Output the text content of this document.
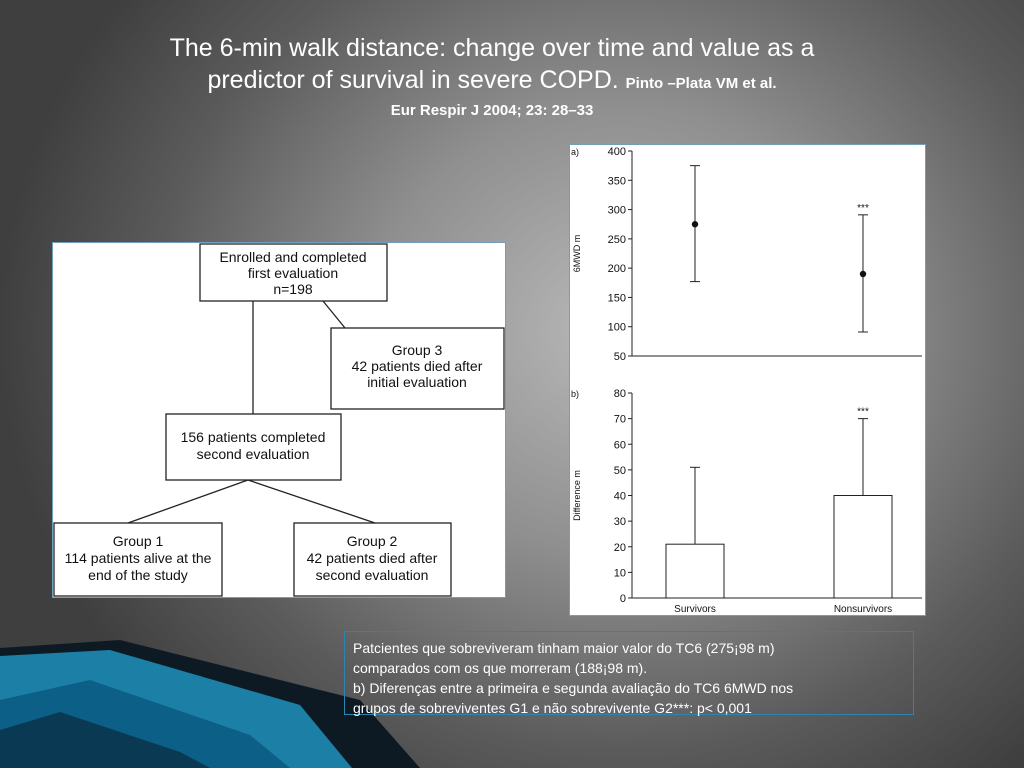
The 6-min walk distance: change over time and value as a
predictor of survival in severe COPD. Pinto –Plata VM et al.
Eur Respir J 2004; 23: 28–33
Enrolled and completed
first evaluation
n=198
Group 3
42 patients died after
initial evaluation
156 patients completed
second evaluation
Group 1
114 patients alive at the
end of the study
Group 2
42 patients died after
second evaluation
a)
6MWD m
50
100
150
200
250
300
350
400
***
b)
Difference m
0
10
20
30
40
50
60
70
80
***
Survivors	Nonsurvivors
Patcientes que sobreviveram tinham maior valor do TC6 (275¡98 m)
comparados com os que morreram (188¡98 m).
b) Diferenças entre a primeira e segunda avaliação do TC6 6MWD nos
grupos de sobreviventes G1 e não sobrevivente G2***: p< 0,001
